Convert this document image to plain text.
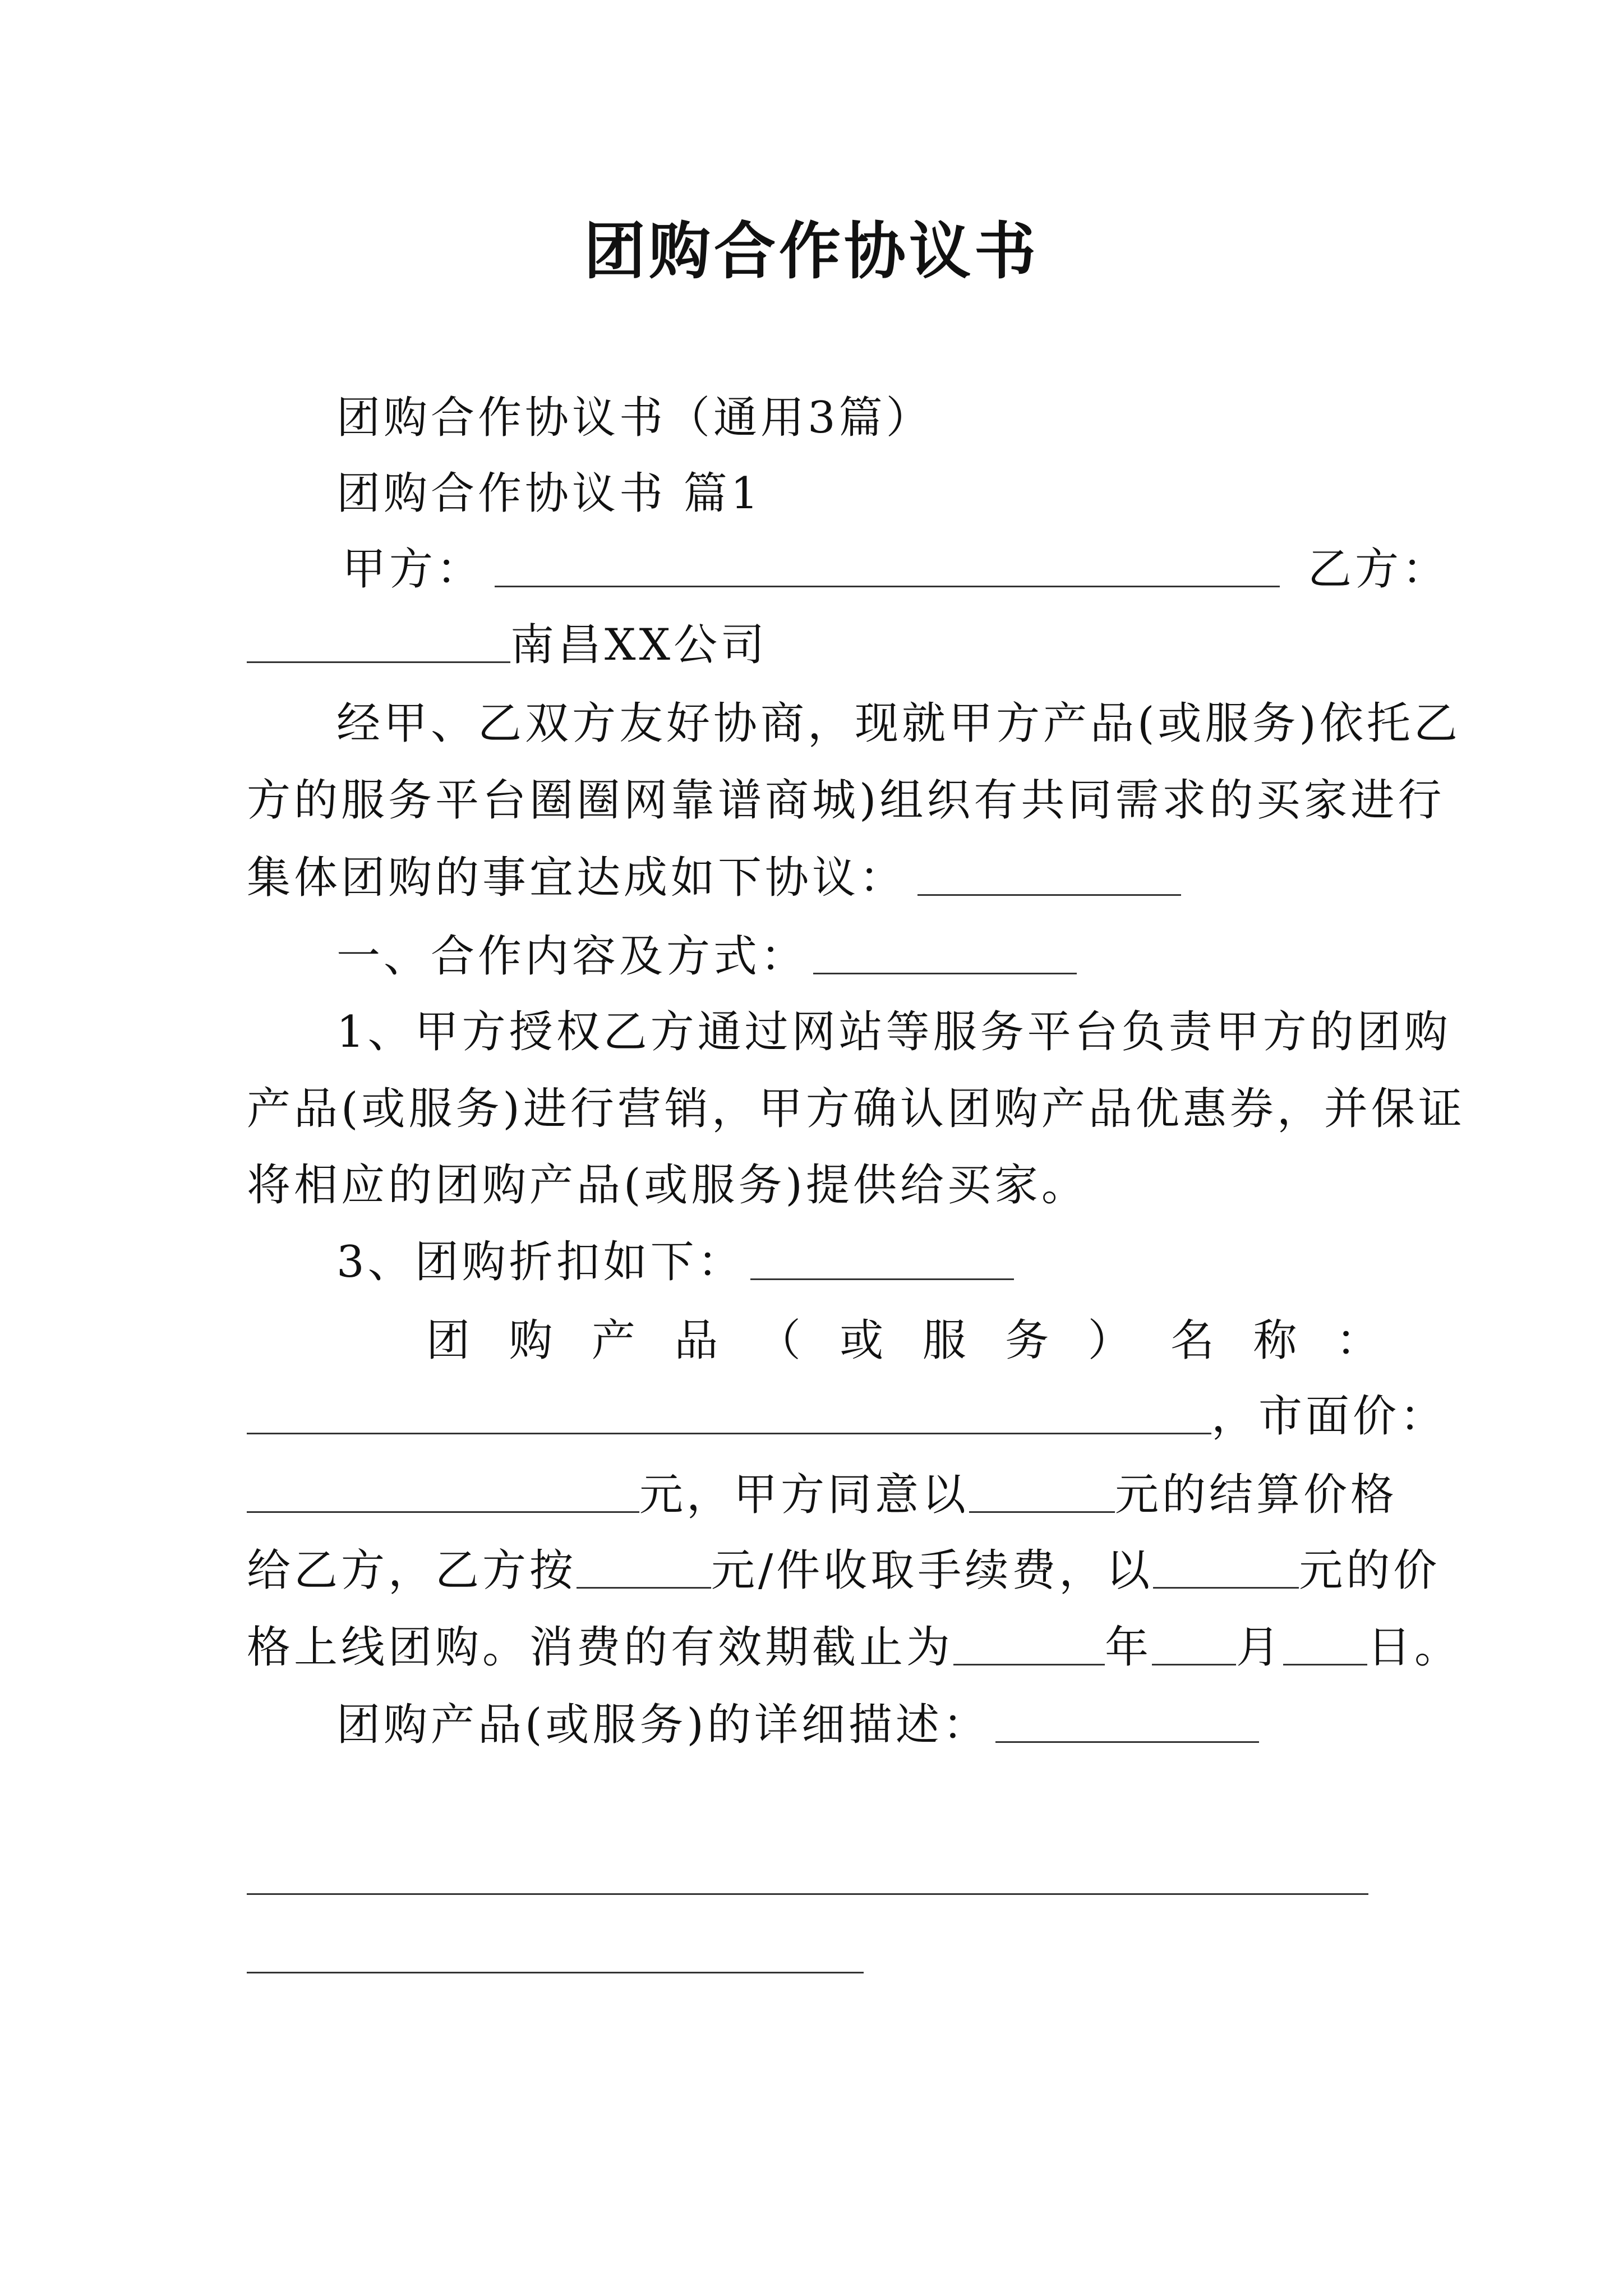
团购合作协议书
团购合作协议书（通用3篇）
团购合作协议书 篇1
甲方：	乙方：
南昌XX公司
经甲、乙双方友好协商，现就甲方产品(或服务)依托乙
方的服务平台圈圈网靠谱商城)组织有共同需求的买家进行
集体团购的事宜达成如下协议：
一、合作内容及方式：
1、甲方授权乙方通过网站等服务平台负责甲方的团购
产品(或服务)进行营销，甲方确认团购产品优惠券，并保证
将相应的团购产品(或服务)提供给买家。
3、团购折扣如下：
团 购 产 品 （ 或 服 务 ） 名 称 ：
，市面价：
元，甲方同意以	元的结算价格
给乙方，乙方按	元/件收取手续费，以	元的价
格上线团购。消费的有效期截止为	年 月 日。
团购产品(或服务)的详细描述：
